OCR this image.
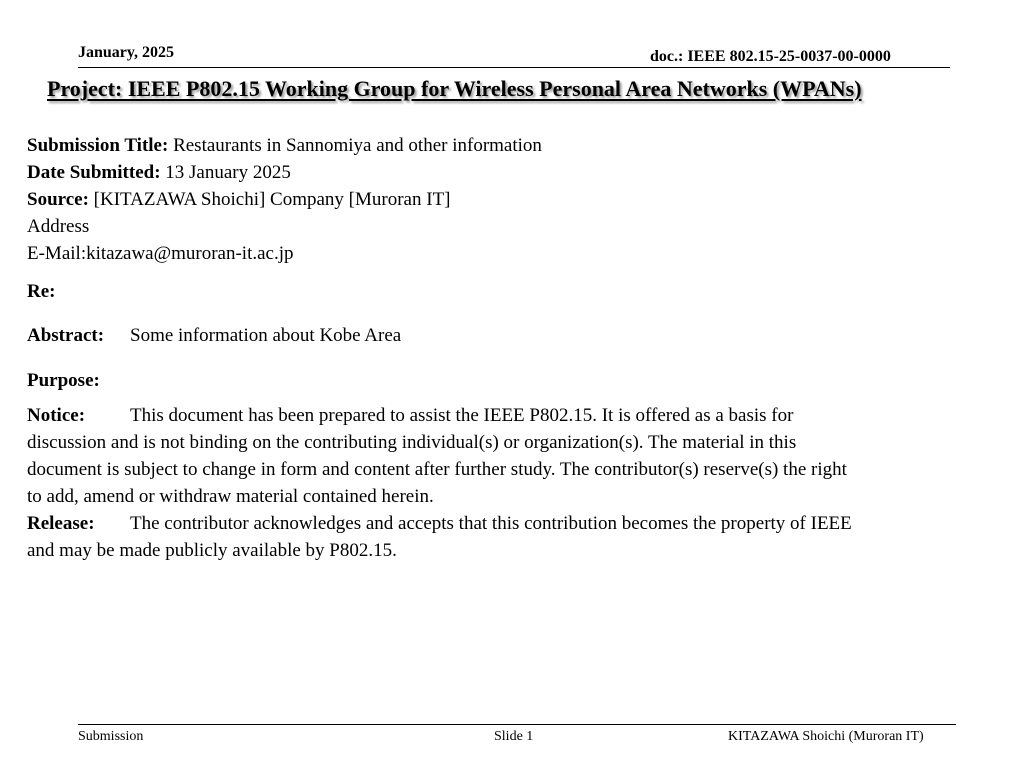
January, 2025	doc.: IEEE 802.15-25-0037-00-0000
Project: IEEE P802.15 Working Group for Wireless Personal Area Networks (WPANs)
Submission Title: Restaurants in Sannomiya and other information
Date Submitted: 13 January 2025
Source: [KITAZAWA Shoichi] Company [Muroran IT]
Address
E-Mail:kitazawa@muroran-it.ac.jp
Re:
Abstract: Some information about Kobe Area
Purpose:
Notice: This document has been prepared to assist the IEEE P802.15. It is offered as a basis for
discussion and is not binding on the contributing individual(s) or organization(s). The material in this
document is subject to change in form and content after further study. The contributor(s) reserve(s) the right
to add, amend or withdraw material contained herein.
Release: The contributor acknowledges and accepts that this contribution becomes the property of IEEE
and may be made publicly available by P802.15.
Submission	Slide 1	KITAZAWA Shoichi (Muroran IT)
